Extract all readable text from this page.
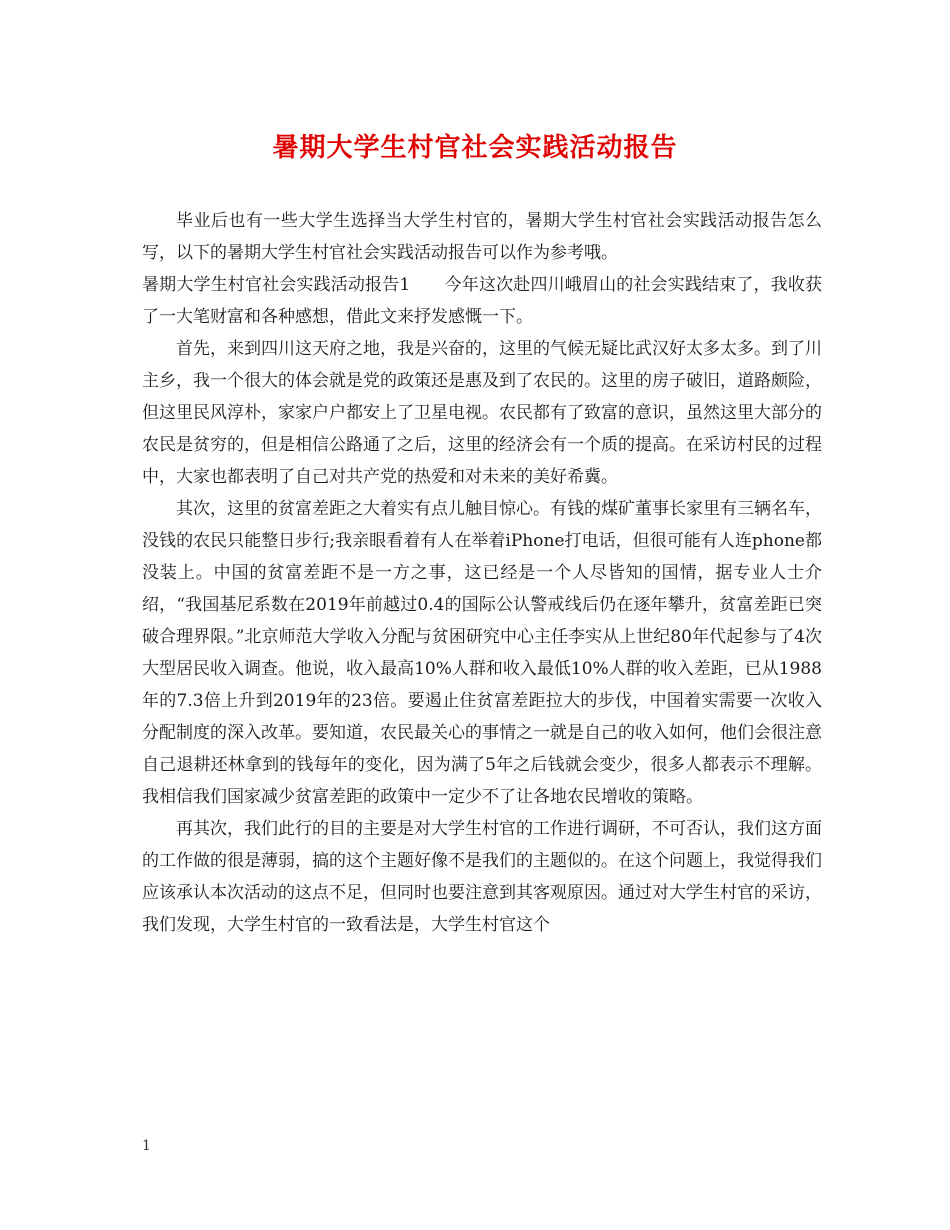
暑期大学生村官社会实践活动报告

毕业后也有一些大学生选择当大学生村官的，暑期大学生村官社会实践活动报告怎么写，以下的暑期大学生村官社会实践活动报告可以作为参考哦。

暑期大学生村官社会实践活动报告1　　今年这次赴四川峨眉山的社会实践结束了，我收获了一大笔财富和各种感想，借此文来抒发感慨一下。

首先，来到四川这天府之地，我是兴奋的，这里的气候无疑比武汉好太多太多。到了川主乡，我一个很大的体会就是党的政策还是惠及到了农民的。这里的房子破旧，道路颇险，但这里民风淳朴，家家户户都安上了卫星电视。农民都有了致富的意识，虽然这里大部分的农民是贫穷的，但是相信公路通了之后，这里的经济会有一个质的提高。在采访村民的过程中，大家也都表明了自己对共产党的热爱和对未来的美好希冀。

其次，这里的贫富差距之大着实有点儿触目惊心。有钱的煤矿董事长家里有三辆名车，没钱的农民只能整日步行;我亲眼看着有人在举着iPhone打电话，但很可能有人连phone都没装上。中国的贫富差距不是一方之事，这已经是一个人尽皆知的国情，据专业人士介绍，“我国基尼系数在2019年前越过0.4的国际公认警戒线后仍在逐年攀升，贫富差距已突破合理界限。”北京师范大学收入分配与贫困研究中心主任李实从上世纪80年代起参与了4次大型居民收入调查。他说，收入最高10%人群和收入最低10%人群的收入差距，已从1988年的7.3倍上升到2019年的23倍。要遏止住贫富差距拉大的步伐，中国着实需要一次收入分配制度的深入改革。要知道，农民最关心的事情之一就是自己的收入如何，他们会很注意自己退耕还林拿到的钱每年的变化，因为满了5年之后钱就会变少，很多人都表示不理解。我相信我们国家减少贫富差距的政策中一定少不了让各地农民增收的策略。

再其次，我们此行的目的主要是对大学生村官的工作进行调研，不可否认，我们这方面的工作做的很是薄弱，搞的这个主题好像不是我们的主题似的。在这个问题上，我觉得我们应该承认本次活动的这点不足，但同时也要注意到其客观原因。通过对大学生村官的采访，我们发现，大学生村官的一致看法是，大学生村官这个

1
